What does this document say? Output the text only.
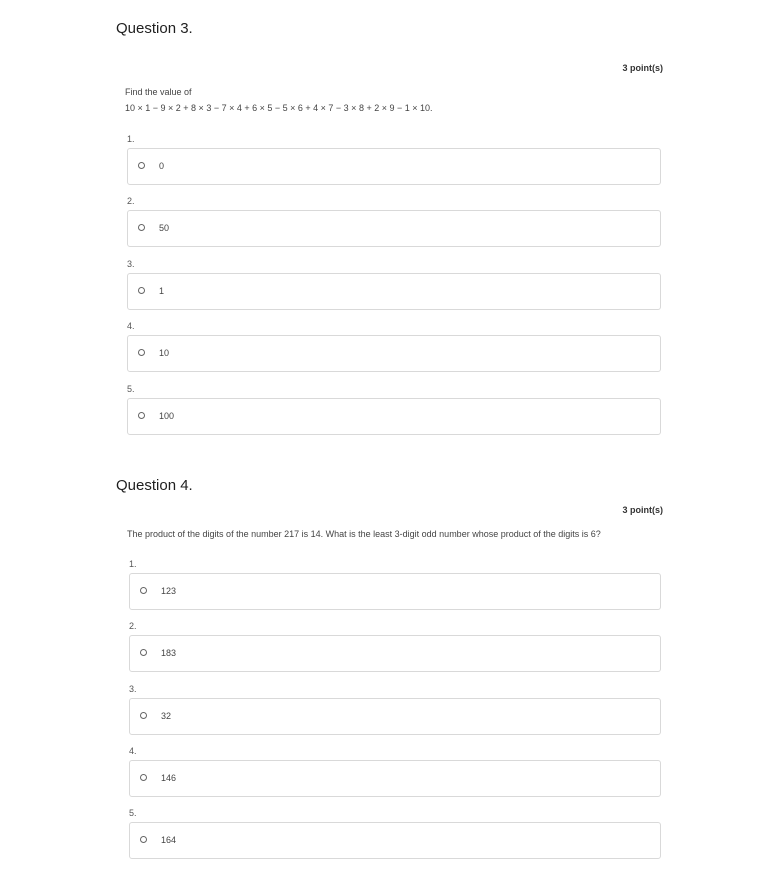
Question 3.
3 point(s)
Find the value of
10 × 1 − 9 × 2 + 8 × 3 − 7 × 4 + 6 × 5 − 5 × 6 + 4 × 7 − 3 × 8 + 2 × 9 − 1 × 10.
1.
0
2.
50
3.
1
4.
10
5.
100
Question 4.
3 point(s)
The product of the digits of the number 217 is 14. What is the least 3-digit odd number whose product of the digits is 6?
1.
123
2.
183
3.
32
4.
146
5.
164
